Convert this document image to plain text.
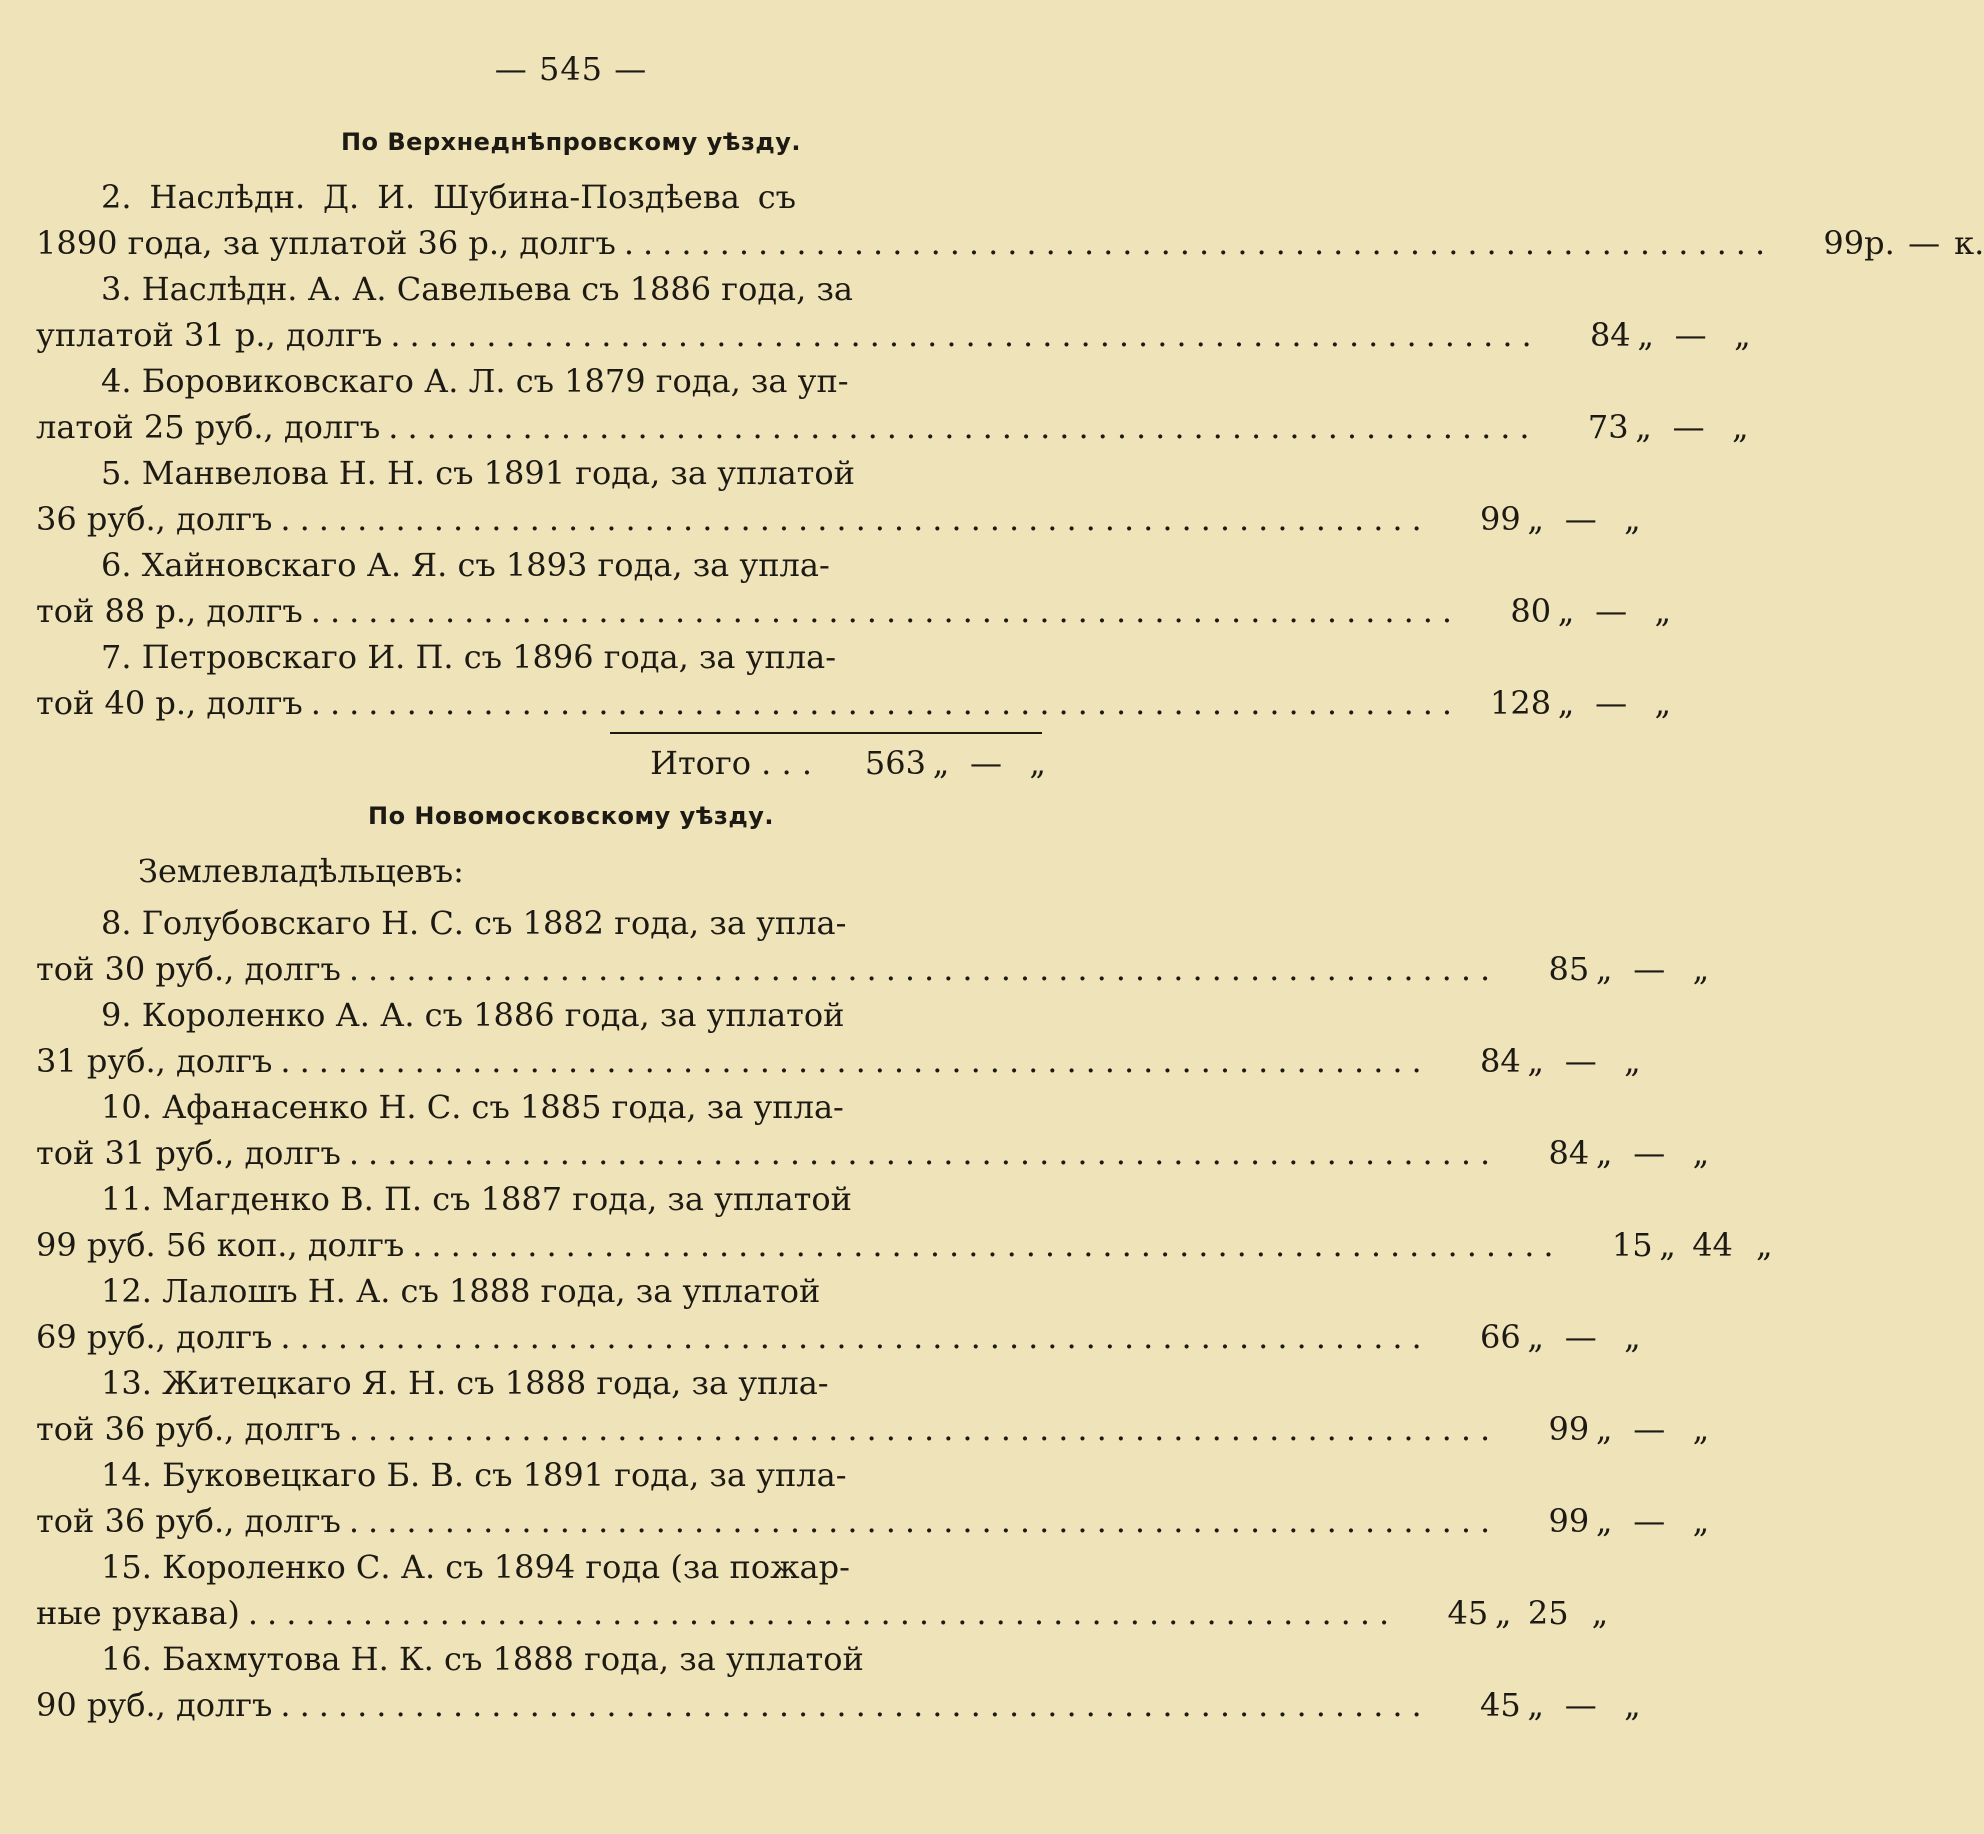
— 545 —
По Верхнеднѣпровскому уѣзду.
2. Наслѣдн. Д. И. Шубина-Поздѣева съ
1890 года, за уплатой 36 р., долгъ ............................................................	99 р. — к.
3. Наслѣдн. А. А. Савельева съ 1886 года, за
уплатой 31 р., долгъ ............................................................	84 „ — „
4. Боровиковскаго А. Л. съ 1879 года, за уп-
латой 25 руб., долгъ ............................................................	73 „ — „
5. Манвелова Н. Н. съ 1891 года, за уплатой
36 руб., долгъ ............................................................	99 „ — „
6. Хайновскаго А. Я. съ 1893 года, за упла-
той 88 р., долгъ ............................................................	80 „ — „
7. Петровскаго И. П. съ 1896 года, за упла-
той 40 р., долгъ ............................................................ 128 „ — „
Итого . . .	563 „ — „
По Новомосковскому уѣзду.
Землевладѣльцевъ:
8. Голубовскаго Н. С. съ 1882 года, за упла-
той 30 руб., долгъ ............................................................	85 „ — „
9. Короленко А. А. съ 1886 года, за уплатой
31 руб., долгъ ............................................................	84 „ — „
10. Афанасенко Н. С. съ 1885 года, за упла-
той 31 руб., долгъ ............................................................	84 „ — „
11. Магденко В. П. съ 1887 года, за уплатой
99 руб. 56 коп., долгъ ............................................................	15 „ 44 „
12. Лалошъ Н. А. съ 1888 года, за уплатой
69 руб., долгъ ............................................................	66 „ — „
13. Житецкаго Я. Н. съ 1888 года, за упла-
той 36 руб., долгъ ............................................................	99 „ — „
14. Буковецкаго Б. В. съ 1891 года, за упла-
той 36 руб., долгъ ............................................................	99 „ — „
15. Короленко С. А. съ 1894 года (за пожар-
ные рукава) ............................................................	45 „ 25 „
16. Бахмутова Н. К. съ 1888 года, за уплатой
90 руб., долгъ ............................................................	45 „ — „
